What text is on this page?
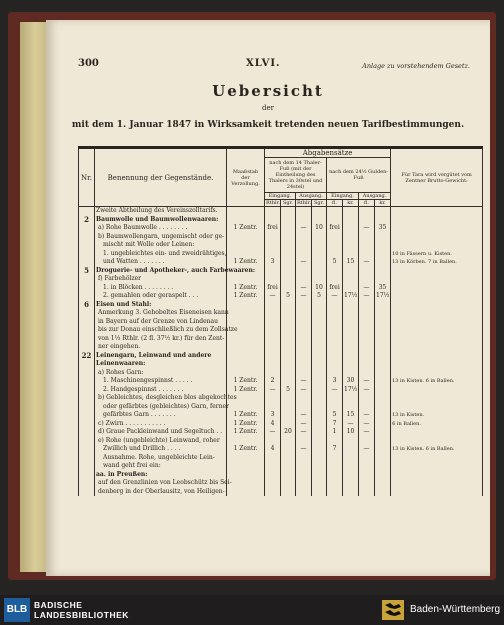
300	XLVI.	Anlage zu vorstehendem Gesetz.
Uebersicht
der
mit dem 1. Januar 1847 in Wirksamkeit tretenden neuen Tarifbestimmungen.
Nr.	Benennung der Gegenstände.	Maaßstab der Verzollung.	Abgabensätze								Für Tara wird vergütet vom Zentner Brutto-Gewicht:
			nach dem 14 Thaler-Fuß (mit der Eintheilung des Thalers in 30stel und 24stel)				nach dem 24½ Gulden-Fuß				
			Eingang.		Ausgang.		Eingang.		Ausgang.		
			Rthlr.	Sgr.	Rthlr.	Sgr.	fl.	kr.	fl.	kr.	
	Zweite Abtheilung des Vereinszolltarifs.										
2	Baumwolle und Baumwollenwaaren:										
	a) Rohe Baumwolle . . . . . . . .	1 Zentr.	frei		—	10	frei		—	35	
	b) Baumwollengarn, ungemischt oder ge-										
	mischt mit Wolle oder Leinen:										
	1. ungebleichtes ein- und zweidrähtiges,										10 in Fässern u. Kisten.
	und Watten . . . . . . .	1 Zentr.	3		—		5	15	—		13 in Körben. 7 in Ballen.
5	Droguerie- und Apotheker-, auch Farbewaaren:										
	f) Farbehölzer										
	1. in Blöcken . . . . . . . .	1 Zentr.	frei		—	10	frei		—	35	
	2. gemahlen oder geraspelt . . .	1 Zentr.	—	5	—	5	—	17½	—	17½	
6	Eisen und Stahl:										
	Anmerkung 3. Gehobeltes Eiseneisen kann										
	in Bayern auf der Grenze von Lindenau										
	bis zur Donau einschließlich zu dem Zollsatze										
	von 1⅓ Rthlr. (2 fl. 37½ kr.) für den Zent-										
	ner eingehen.										
22	Leinengarn, Leinwand und andere										
	Leinenwaaren:										
	a) Rohes Garn:										
	1. Maschinengespinnst . . . . .	1 Zentr.	2		—		3	30	—		13 in Kisten. 6 in Ballen.
	2. Handgespinnst . . . . . . .	1 Zentr.	—	5	—		—	17½	—		
	b) Gebleichtes, desgleichen blos abgekochtes										
	oder gefärbtes (gebleichtes) Garn, ferner										
	gefärbtes Garn . . . . . . .	1 Zentr.	3		—		5	15	—		13 in Kisten.
	c) Zwirn . . . . . . . . . . .	1 Zentr.	4		—		7	—	—		6 in Ballen.
	d) Graue Packleinwand und Segeltuch . .	1 Zentr.	—	20	—		1	10	—		
	e) Rohe (ungebleichte) Leinwand, roher										
	Zwillich und Drillich . . . .	1 Zentr.	4		—		7		—		13 in Kisten. 6 in Ballen.
	Ausnahme. Rohe, ungebleichte Lein-										
	wand geht frei ein:										
	aa. in Preußen:										
	auf den Grenzlinien von Leobschütz bis Sei-										
	denberg in der Oberlausitz, von Heiligen-										
BLB BADISCHE
LANDESBIBLIOTHEK	Baden-Württemberg
